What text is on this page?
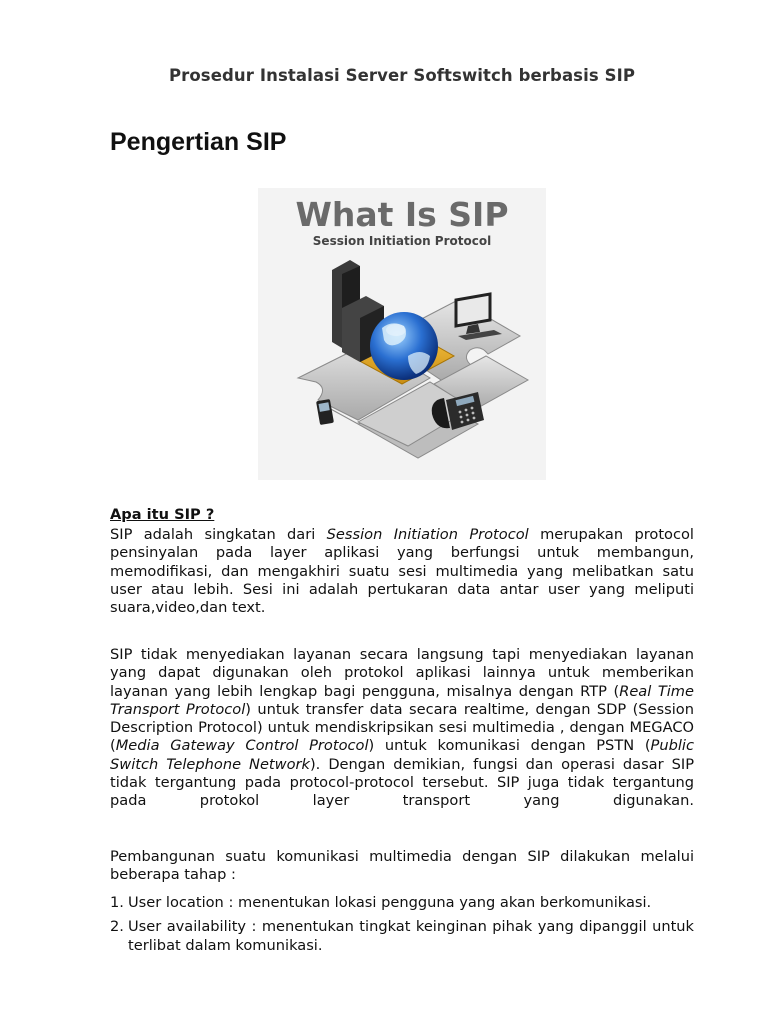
Prosedur Instalasi Server Softswitch berbasis SIP
Pengertian SIP
What Is SIP
Session Initiation Protocol
Apa itu SIP ?
SIP adalah singkatan dari Session Initiation Protocol merupakan protocol pensinyalan pada layer aplikasi yang berfungsi untuk membangun, memodifikasi, dan mengakhiri suatu sesi multimedia yang melibatkan satu user atau lebih. Sesi ini adalah pertukaran data antar user yang meliputi suara,video,dan text.
SIP tidak menyediakan layanan secara langsung tapi menyediakan layanan yang dapat digunakan oleh protokol aplikasi lainnya untuk memberikan layanan yang lebih lengkap bagi pengguna, misalnya dengan RTP (Real Time Transport Protocol) untuk transfer data secara realtime, dengan SDP (Session Description Protocol) untuk mendiskripsikan sesi multimedia , dengan MEGACO (Media Gateway Control Protocol) untuk komunikasi dengan PSTN (Public Switch Telephone Network). Dengan demikian, fungsi dan operasi dasar SIP tidak tergantung pada protocol-protocol tersebut. SIP juga tidak tergantung pada protokol layer transport yang digunakan.
Pembangunan suatu komunikasi multimedia dengan SIP dilakukan melalui beberapa tahap :
1. User location : menentukan lokasi pengguna yang akan berkomunikasi.
2. User availability : menentukan tingkat keinginan pihak yang dipanggil untuk terlibat dalam komunikasi.
